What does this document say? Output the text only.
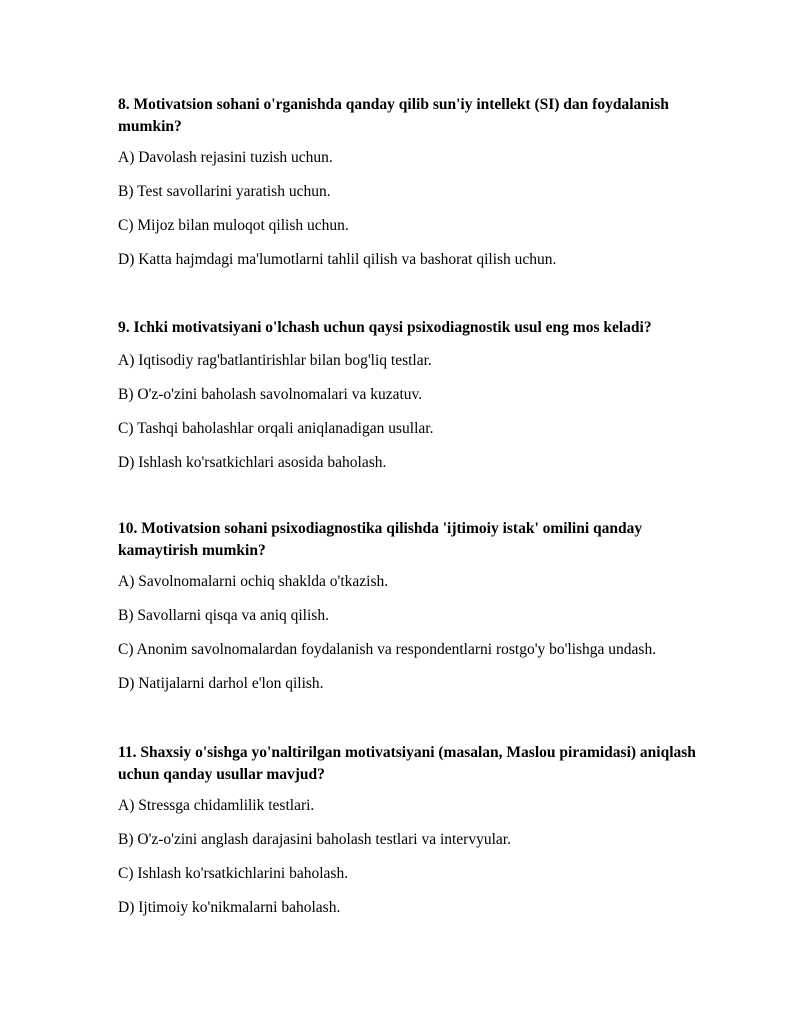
8. Motivatsion sohani o'rganishda qanday qilib sun'iy intellekt (SI) dan foydalanish mumkin?

A) Davolash rejasini tuzish uchun.

B) Test savollarini yaratish uchun.

C) Mijoz bilan muloqot qilish uchun.

D) Katta hajmdagi ma'lumotlarni tahlil qilish va bashorat qilish uchun.

9. Ichki motivatsiyani o'lchash uchun qaysi psixodiagnostik usul eng mos keladi?

A) Iqtisodiy rag'batlantirishlar bilan bog'liq testlar.

B) O'z-o'zini baholash savolnomalari va kuzatuv.

C) Tashqi baholashlar orqali aniqlanadigan usullar.

D) Ishlash ko'rsatkichlari asosida baholash.

10. Motivatsion sohani psixodiagnostika qilishda 'ijtimoiy istak' omilini qanday kamaytirish mumkin?

A) Savolnomalarni ochiq shaklda o'tkazish.

B) Savollarni qisqa va aniq qilish.

C) Anonim savolnomalardan foydalanish va respondentlarni rostgo'y bo'lishga undash.

D) Natijalarni darhol e'lon qilish.

11. Shaxsiy o'sishga yo'naltirilgan motivatsiyani (masalan, Maslou piramidasi) aniqlash uchun qanday usullar mavjud?

A) Stressga chidamlilik testlari.

B) O'z-o'zini anglash darajasini baholash testlari va intervyular.

C) Ishlash ko'rsatkichlarini baholash.

D) Ijtimoiy ko'nikmalarni baholash.
